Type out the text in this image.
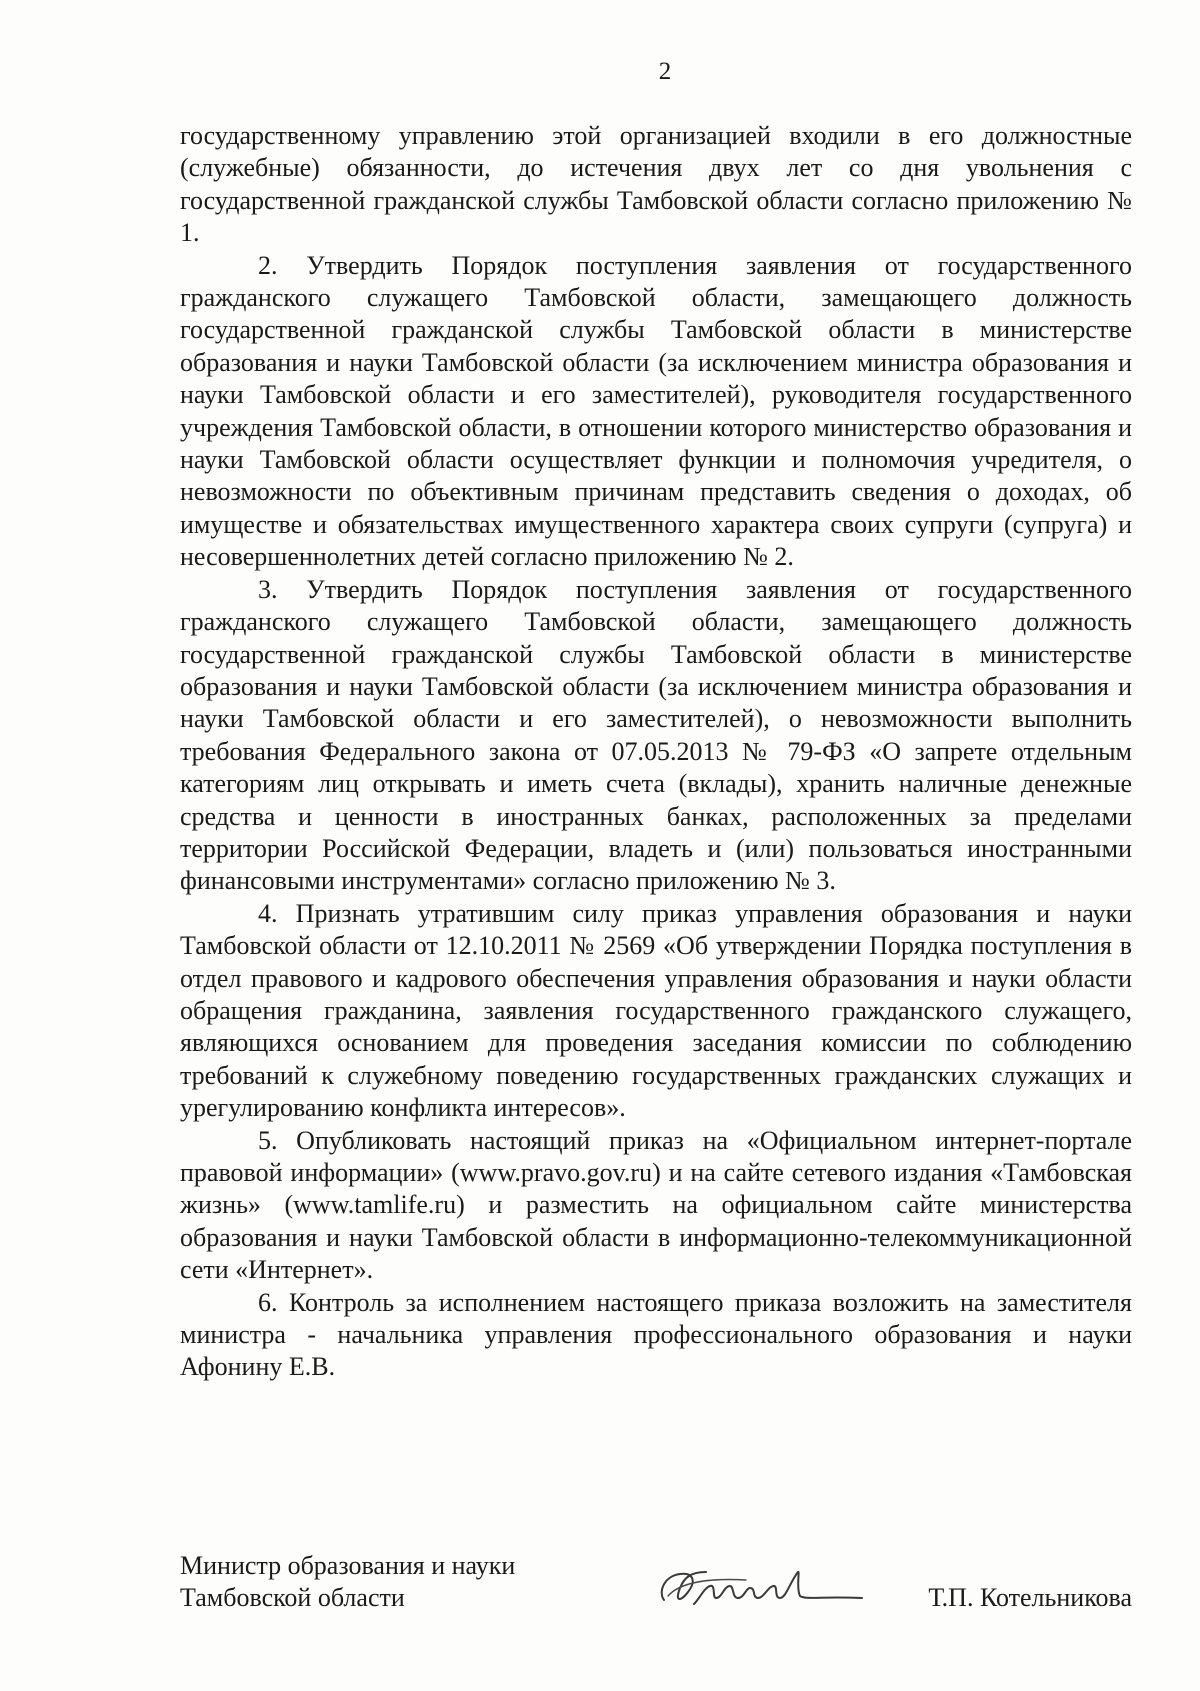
2

государственному управлению этой организацией входили в его должностные (служебные) обязанности, до истечения двух лет со дня увольнения с государственной гражданской службы Тамбовской области согласно приложению № 1.

2. Утвердить Порядок поступления заявления от государственного гражданского служащего Тамбовской области, замещающего должность государственной гражданской службы Тамбовской области в министерстве образования и науки Тамбовской области (за исключением министра образования и науки Тамбовской области и его заместителей), руководителя государственного учреждения Тамбовской области, в отношении которого министерство образования и науки Тамбовской области осуществляет функции и полномочия учредителя, о невозможности по объективным причинам представить сведения о доходах, об имуществе и обязательствах имущественного характера своих супруги (супруга) и несовершеннолетних детей согласно приложению № 2.

3. Утвердить Порядок поступления заявления от государственного гражданского служащего Тамбовской области, замещающего должность государственной гражданской службы Тамбовской области в министерстве образования и науки Тамбовской области (за исключением министра образования и науки Тамбовской области и его заместителей), о невозможности выполнить требования Федерального закона от 07.05.2013 № 79-ФЗ «О запрете отдельным категориям лиц открывать и иметь счета (вклады), хранить наличные денежные средства и ценности в иностранных банках, расположенных за пределами территории Российской Федерации, владеть и (или) пользоваться иностранными финансовыми инструментами» согласно приложению № 3.

4. Признать утратившим силу приказ управления образования и науки Тамбовской области от 12.10.2011 № 2569 «Об утверждении Порядка поступления в отдел правового и кадрового обеспечения управления образования и науки области обращения гражданина, заявления государственного гражданского служащего, являющихся основанием для проведения заседания комиссии по соблюдению требований к служебному поведению государственных гражданских служащих и урегулированию конфликта интересов».

5. Опубликовать настоящий приказ на «Официальном интернет-портале правовой информации» (www.pravo.gov.ru) и на сайте сетевого издания «Тамбовская жизнь» (www.tamlife.ru) и разместить на официальном сайте министерства образования и науки Тамбовской области в информационно-телекоммуникационной сети «Интернет».

6. Контроль за исполнением настоящего приказа возложить на заместителя министра - начальника управления профессионального образования и науки Афонину Е.В.

Министр образования и науки
Тамбовской области	Т.П. Котельникова
